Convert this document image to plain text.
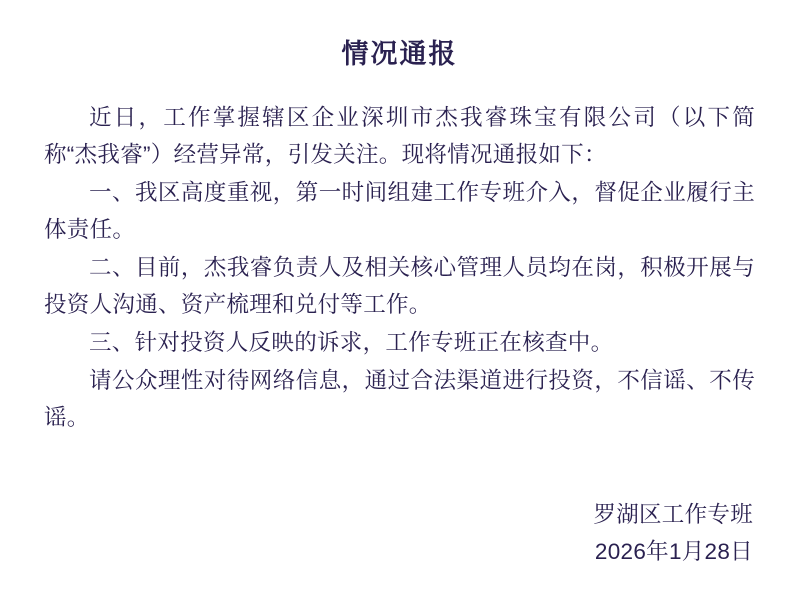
情况通报

近日，工作掌握辖区企业深圳市杰我睿珠宝有限公司（以下简称“杰我睿”）经营异常，引发关注。现将情况通报如下：

一、我区高度重视，第一时间组建工作专班介入，督促企业履行主体责任。

二、目前，杰我睿负责人及相关核心管理人员均在岗，积极开展与投资人沟通、资产梳理和兑付等工作。

三、针对投资人反映的诉求，工作专班正在核查中。

请公众理性对待网络信息，通过合法渠道进行投资，不信谣、不传谣。

罗湖区工作专班
2026年1月28日
